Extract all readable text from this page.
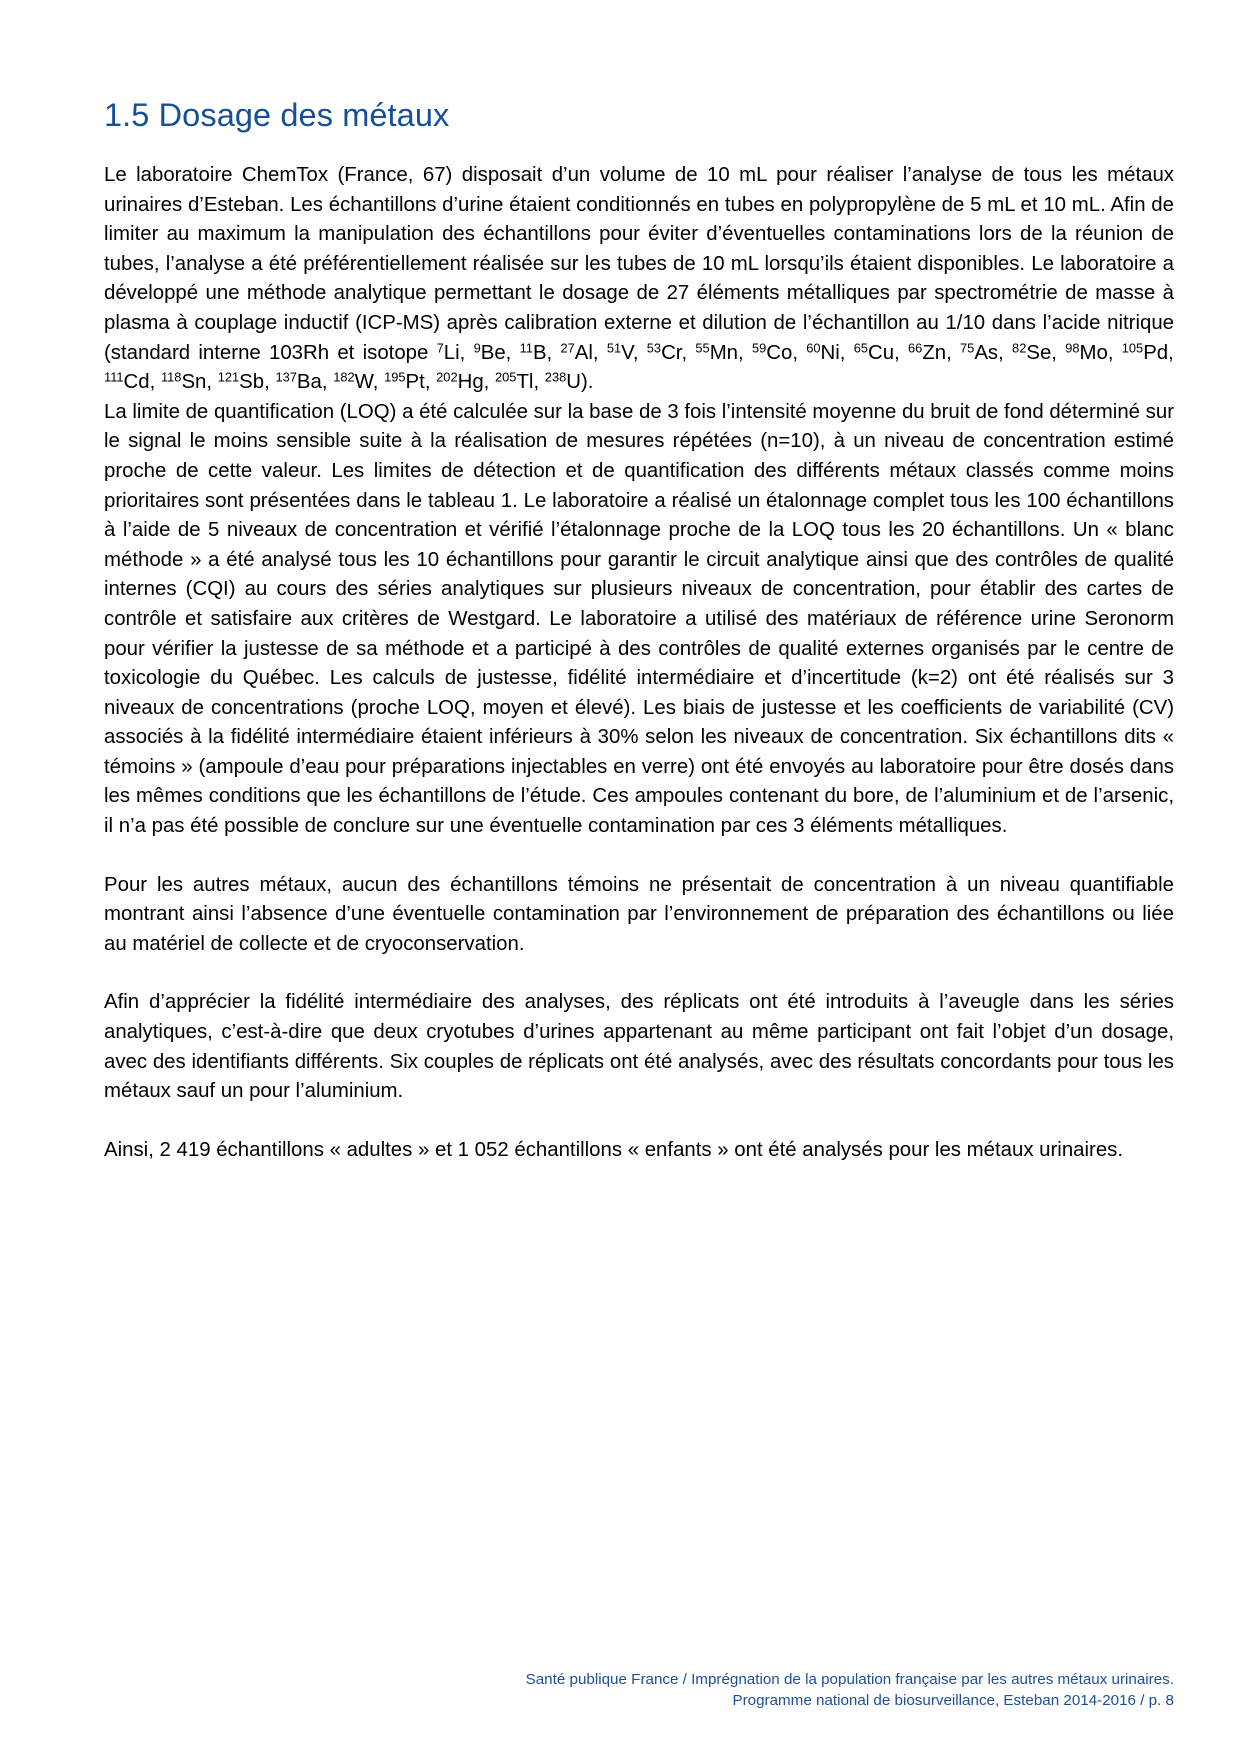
1.5 Dosage des métaux

Le laboratoire ChemTox (France, 67) disposait d’un volume de 10 mL pour réaliser l’analyse de tous les métaux urinaires d’Esteban. Les échantillons d’urine étaient conditionnés en tubes en polypropylène de 5 mL et 10 mL. Afin de limiter au maximum la manipulation des échantillons pour éviter d’éventuelles contaminations lors de la réunion de tubes, l’analyse a été préférentiellement réalisée sur les tubes de 10 mL lorsqu’ils étaient disponibles. Le laboratoire a développé une méthode analytique permettant le dosage de 27 éléments métalliques par spectrométrie de masse à plasma à couplage inductif (ICP-MS) après calibration externe et dilution de l’échantillon au 1/10 dans l’acide nitrique (standard interne 103Rh et isotope $^7$Li, $^9$Be, $^{11}$B, $^{27}$Al, $^{51}$V, $^{53}$Cr, $^{55}$Mn, $^{59}$Co, $^{60}$Ni, $^{65}$Cu, $^{66}$Zn, $^{75}$As, $^{82}$Se, $^{98}$Mo, $^{105}$Pd, $^{111}$Cd, $^{118}$Sn, $^{121}$Sb, $^{137}$Ba, $^{182}$W, $^{195}$Pt, $^{202}$Hg, $^{205}$Tl, $^{238}$U).

La limite de quantification (LOQ) a été calculée sur la base de 3 fois l’intensité moyenne du bruit de fond déterminé sur le signal le moins sensible suite à la réalisation de mesures répétées (n=10), à un niveau de concentration estimé proche de cette valeur. Les limites de détection et de quantification des différents métaux classés comme moins prioritaires sont présentées dans le tableau 1. Le laboratoire a réalisé un étalonnage complet tous les 100 échantillons à l’aide de 5 niveaux de concentration et vérifié l’étalonnage proche de la LOQ tous les 20 échantillons. Un « blanc méthode » a été analysé tous les 10 échantillons pour garantir le circuit analytique ainsi que des contrôles de qualité internes (CQI) au cours des séries analytiques sur plusieurs niveaux de concentration, pour établir des cartes de contrôle et satisfaire aux critères de Westgard. Le laboratoire a utilisé des matériaux de référence urine Seronorm pour vérifier la justesse de sa méthode et a participé à des contrôles de qualité externes organisés par le centre de toxicologie du Québec. Les calculs de justesse, fidélité intermédiaire et d’incertitude (k=2) ont été réalisés sur 3 niveaux de concentrations (proche LOQ, moyen et élevé). Les biais de justesse et les coefficients de variabilité (CV) associés à la fidélité intermédiaire étaient inférieurs à 30% selon les niveaux de concentration. Six échantillons dits « témoins » (ampoule d’eau pour préparations injectables en verre) ont été envoyés au laboratoire pour être dosés dans les mêmes conditions que les échantillons de l’étude. Ces ampoules contenant du bore, de l’aluminium et de l’arsenic, il n’a pas été possible de conclure sur une éventuelle contamination par ces 3 éléments métalliques.

Pour les autres métaux, aucun des échantillons témoins ne présentait de concentration à un niveau quantifiable montrant ainsi l’absence d’une éventuelle contamination par l’environnement de préparation des échantillons ou liée au matériel de collecte et de cryoconservation.

Afin d’apprécier la fidélité intermédiaire des analyses, des réplicats ont été introduits à l’aveugle dans les séries analytiques, c’est-à-dire que deux cryotubes d’urines appartenant au même participant ont fait l’objet d’un dosage, avec des identifiants différents. Six couples de réplicats ont été analysés, avec des résultats concordants pour tous les métaux sauf un pour l’aluminium.

Ainsi, 2 419 échantillons « adultes » et 1 052 échantillons « enfants » ont été analysés pour les métaux urinaires.

Santé publique France / Imprégnation de la population française par les autres métaux urinaires.
Programme national de biosurveillance, Esteban 2014-2016 / p. 8
